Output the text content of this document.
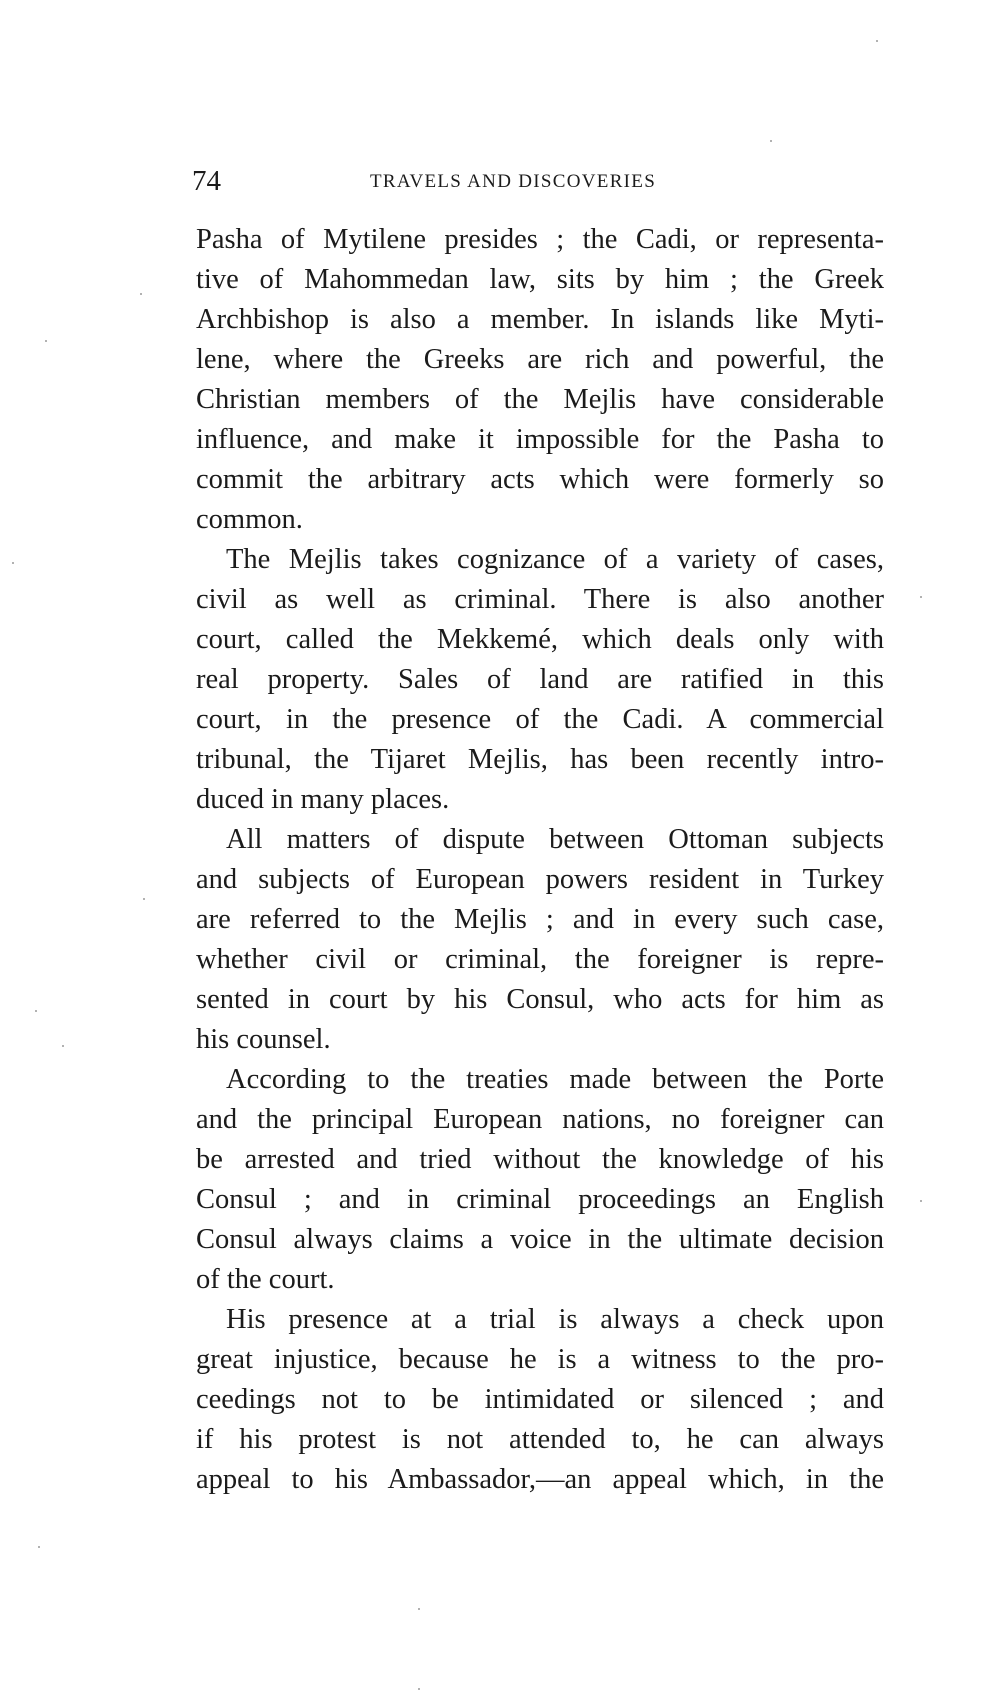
74	TRAVELS AND DISCOVERIES
Pasha of Mytilene presides ; the Cadi, or representa-
tive of Mahommedan law, sits by him ; the Greek
Archbishop is also a member. In islands like Myti-
lene, where the Greeks are rich and powerful, the
Christian members of the Mejlis have considerable
influence, and make it impossible for the Pasha to
commit the arbitrary acts which were formerly so
common.
The Mejlis takes cognizance of a variety of cases,
civil as well as criminal. There is also another
court, called the Mekkemé, which deals only with
real property. Sales of land are ratified in this
court, in the presence of the Cadi. A commercial
tribunal, the Tijaret Mejlis, has been recently intro-
duced in many places.
All matters of dispute between Ottoman subjects
and subjects of European powers resident in Turkey
are referred to the Mejlis ; and in every such case,
whether civil or criminal, the foreigner is repre-
sented in court by his Consul, who acts for him as
his counsel.
According to the treaties made between the Porte
and the principal European nations, no foreigner can
be arrested and tried without the knowledge of his
Consul ; and in criminal proceedings an English
Consul always claims a voice in the ultimate decision
of the court.
His presence at a trial is always a check upon
great injustice, because he is a witness to the pro-
ceedings not to be intimidated or silenced ; and
if his protest is not attended to, he can always
appeal to his Ambassador,—an appeal which, in the
